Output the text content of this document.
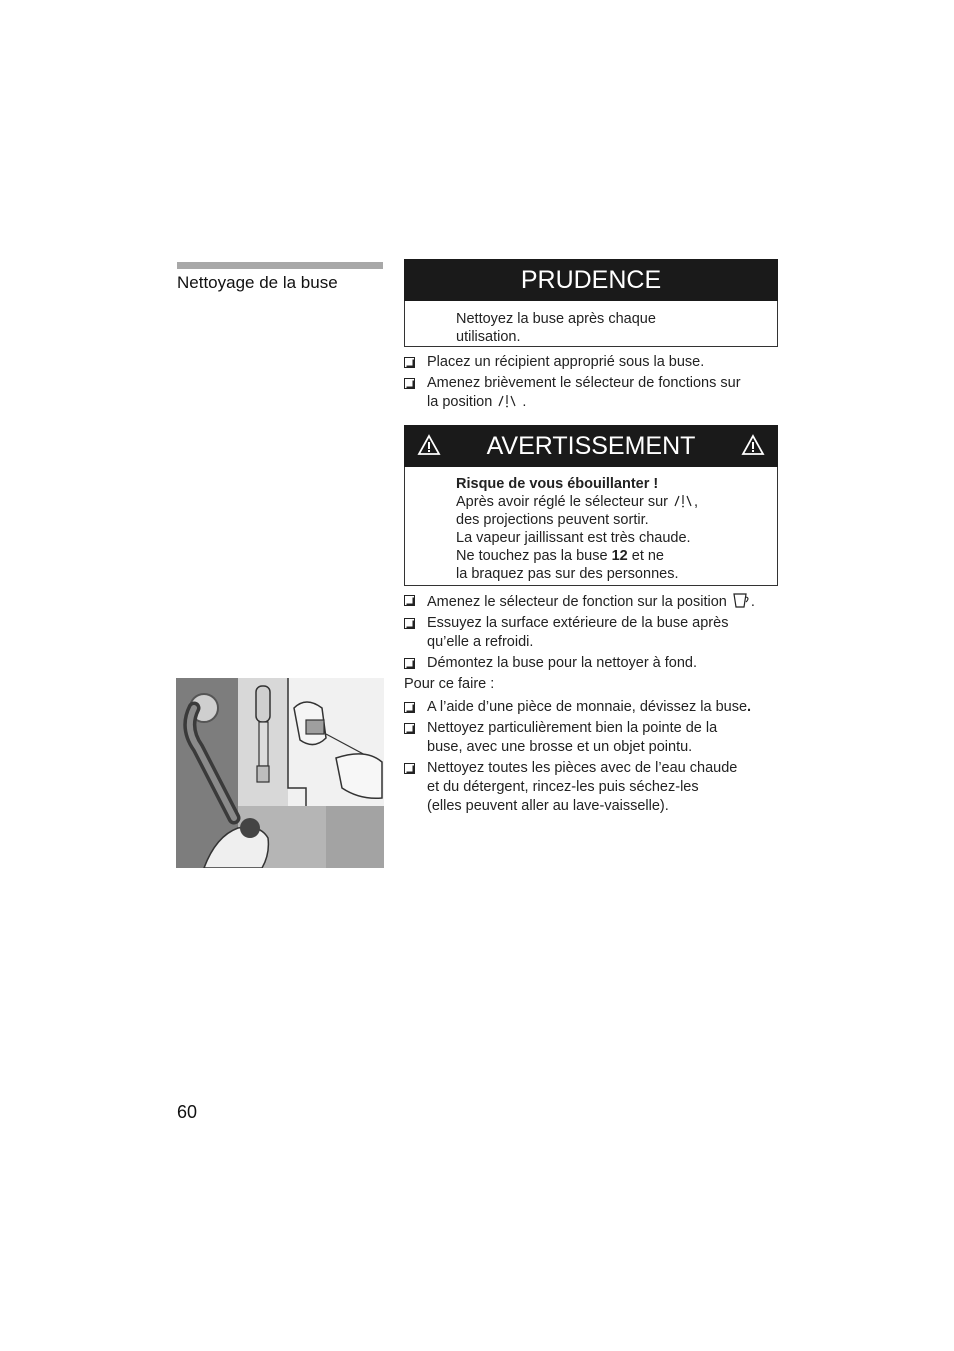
Nettoyage de la buse	PRUDENCE

Nettoyez la buse après chaque

utilisation.

Placez un récipient approprié sous la buse.
Amenez brièvement le sélecteur de fonctions sur
la position .
AVERTISSEMENT

Risque de vous ébouillanter !

Après avoir réglé le sélecteur sur ,

des projections peuvent sortir.

La vapeur jaillissant est très chaude.

Ne touchez pas la buse 12 et ne

la braquez pas sur des personnes.

Amenez le sélecteur de fonction sur la position .
Essuyez la surface extérieure de la buse après
qu’elle a refroidi.
Démontez la buse pour la nettoyer à fond.
Pour ce faire :
A l’aide d’une pièce de monnaie, dévissez la buse.
Nettoyez particulièrement bien la pointe de la
buse, avec une brosse et un objet pointu.
Nettoyez toutes les pièces avec de l’eau chaude
et du détergent, rincez-les puis séchez-les
(elles peuvent aller au lave-vaisselle).
60
